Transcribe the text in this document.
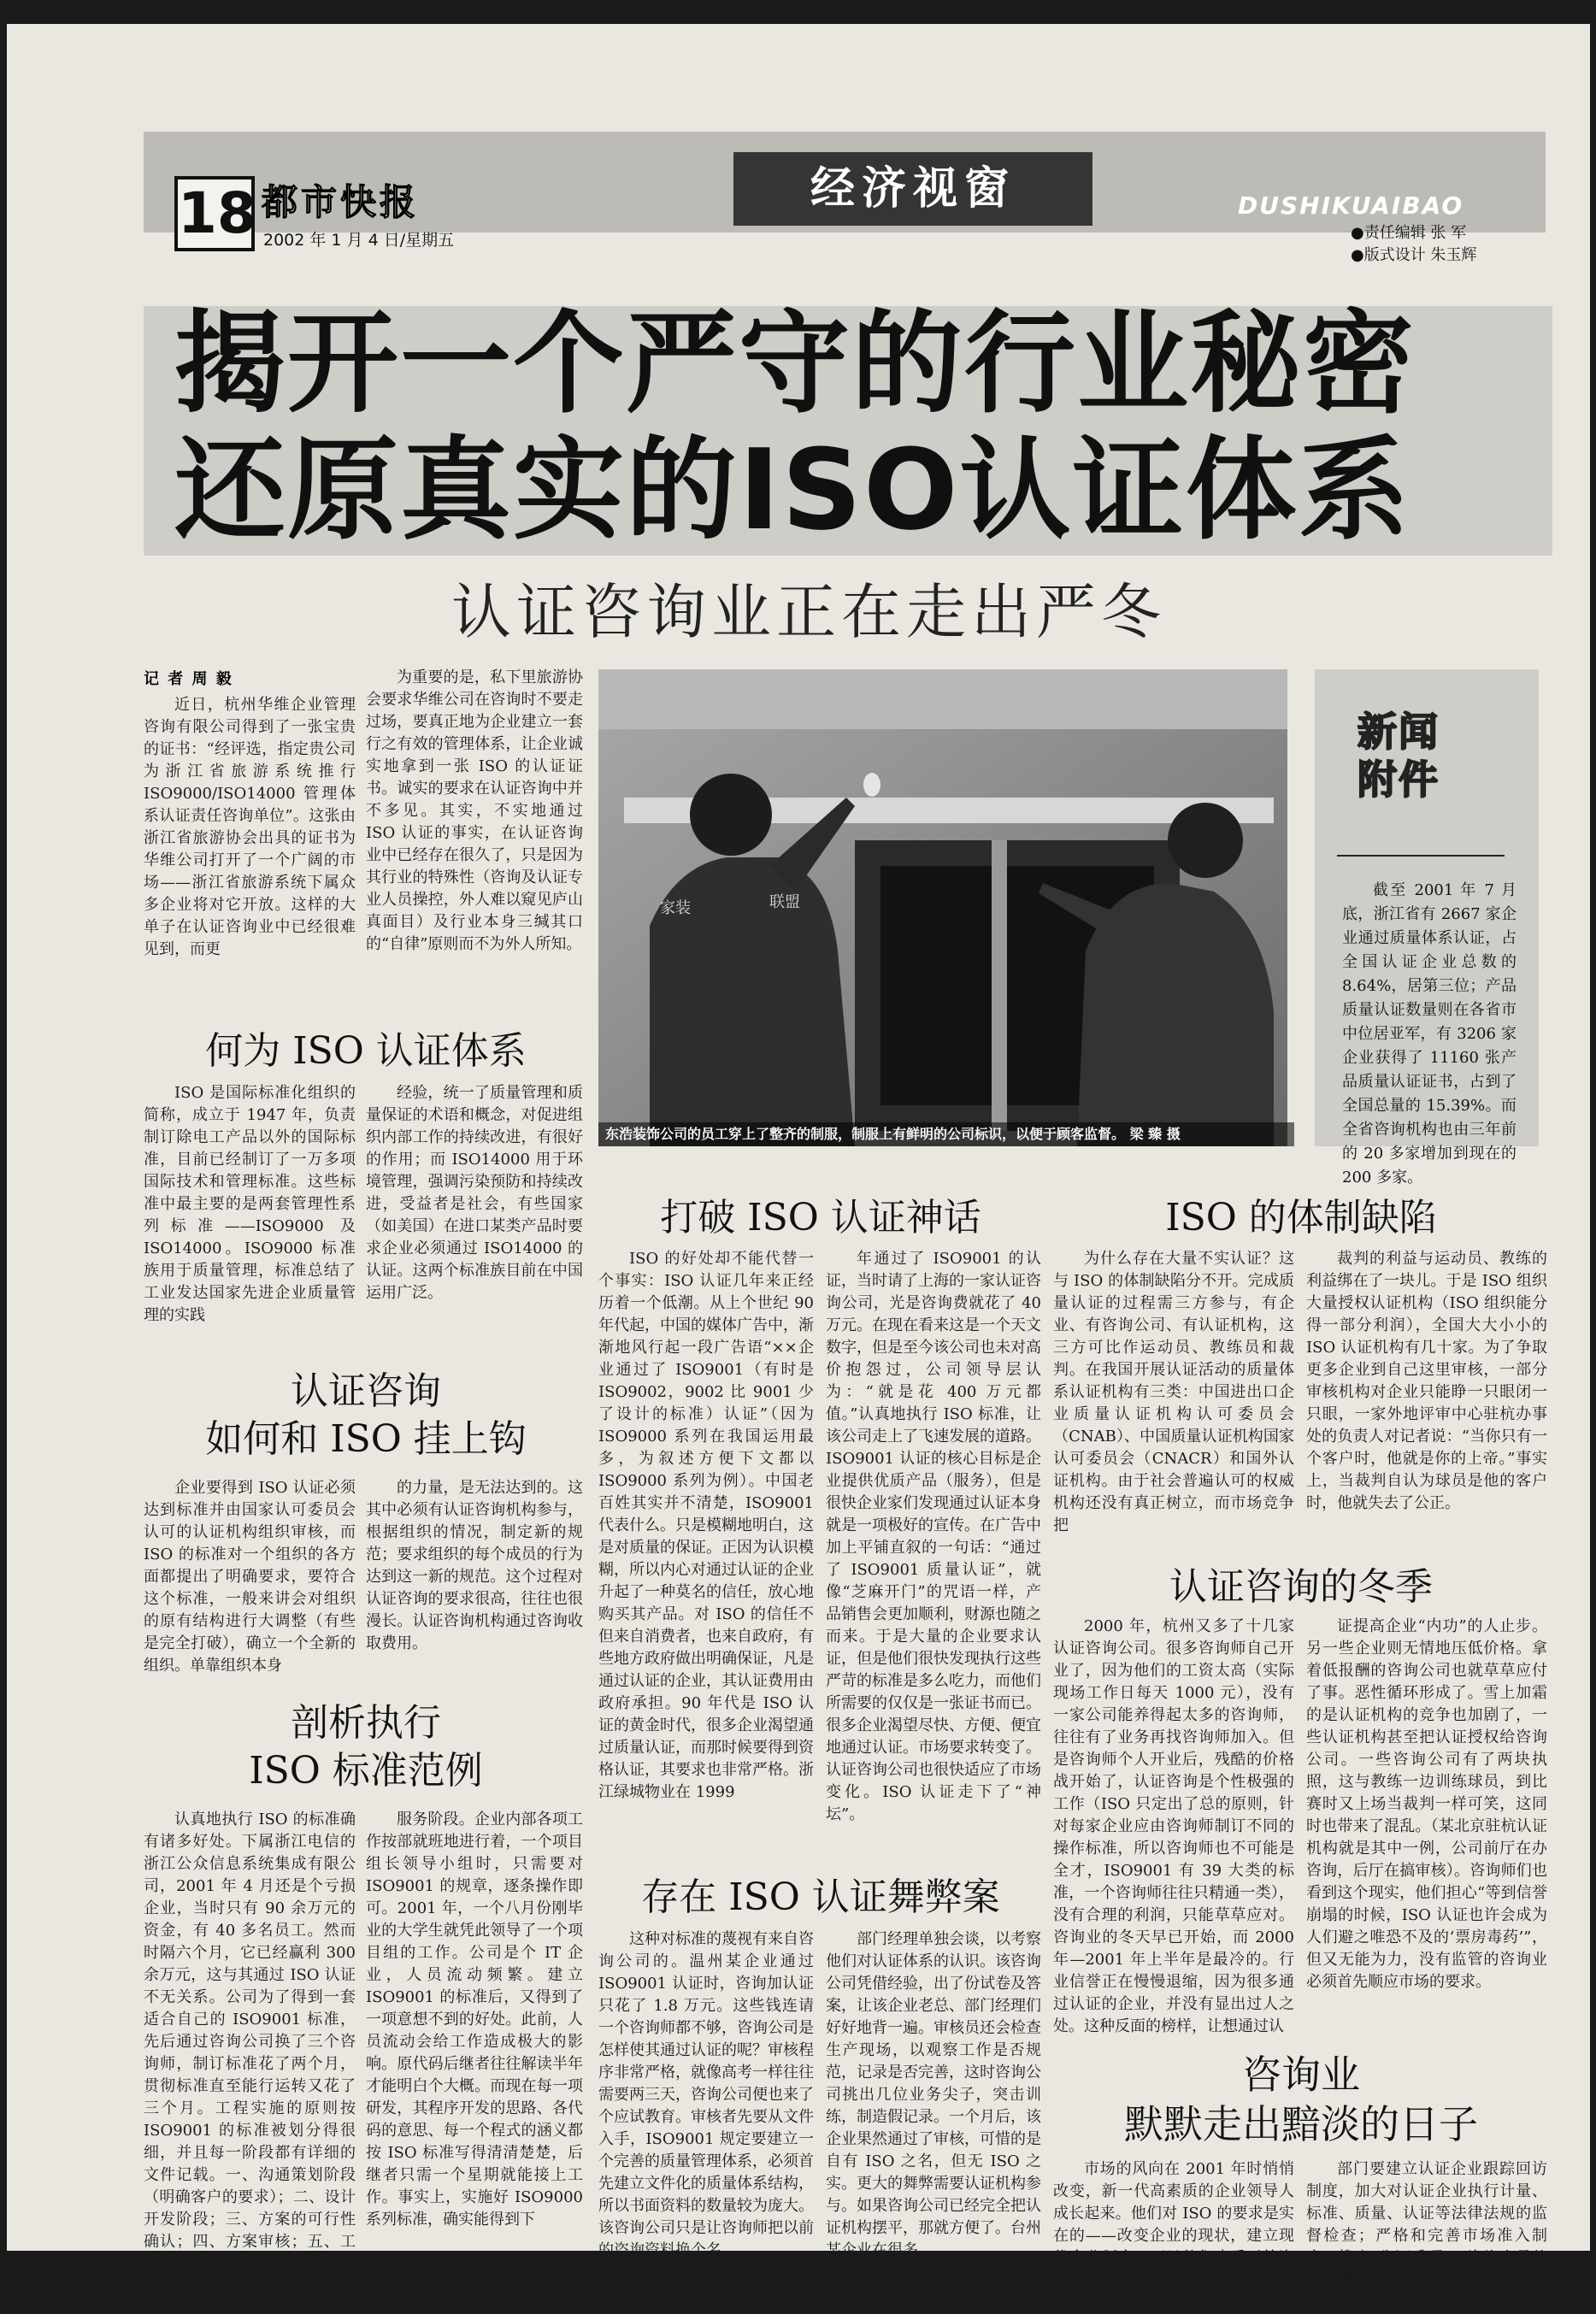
18 都市快报
2002 年 1 月 4 日/星期五
经济视窗	DUSHIKUAIBAO
●责任编辑 张 军
●版式设计 朱玉辉
揭开一个严守的行业秘密
还原真实的ISO认证体系
认证咨询业正在走出严冬
记 者 周 毅
近日，杭州华维企业管理咨询有限公司得到了一张宝贵的证书：“经评选，指定贵公司为浙江省旅游系统推行 ISO9000/ISO14000 管理体系认证责任咨询单位”。这张由浙江省旅游协会出具的证书为华维公司打开了一个广阔的市场——浙江省旅游系统下属众多企业将对它开放。这样的大单子在认证咨询业中已经很难见到，而更
为重要的是，私下里旅游协会要求华维公司在咨询时不要走过场，要真正地为企业建立一套行之有效的管理体系，让企业诚实地拿到一张 ISO 的认证证书。诚实的要求在认证咨询中并不多见。其实，不实地通过 ISO 认证的事实，在认证咨询业中已经存在很久了，只是因为其行业的特殊性（咨询及认证专业人员操控，外人难以窥见庐山真面目）及行业本身三缄其口的“自律”原则而不为外人所知。
家装	联盟
东浩装饰公司的员工穿上了整齐的制服，制服上有鲜明的公司标识，以便于顾客监督。 梁 臻 摄
新闻
附件
截至 2001 年 7 月底，浙江省有 2667 家企业通过质量体系认证，占全国认证企业总数的 8.64%，居第三位；产品质量认证数量则在各省市中位居亚军，有 3206 家企业获得了 11160 张产品质量认证证书，占到了全国总量的 15.39%。而全省咨询机构也由三年前的 20 多家增加到现在的 200 多家。
何为 ISO 认证体系
ISO 是国际标准化组织的简称，成立于 1947 年，负责制订除电工产品以外的国际标准，目前已经制订了一万多项国际技术和管理标准。这些标准中最主要的是两套管理性系列标准——ISO9000 及 ISO14000。ISO9000 标准族用于质量管理，标准总结了工业发达国家先进企业质量管理的实践
经验，统一了质量管理和质量保证的术语和概念，对促进组织内部工作的持续改进，有很好的作用；而 ISO14000 用于环境管理，强调污染预防和持续改进，受益者是社会，有些国家（如美国）在进口某类产品时要求企业必须通过 ISO14000 的认证。这两个标准族目前在中国运用广泛。
认证咨询
如何和 ISO 挂上钩
企业要得到 ISO 认证必须达到标准并由国家认可委员会认可的认证机构组织审核，而 ISO 的标准对一个组织的各方面都提出了明确要求，要符合这个标准，一般来讲会对组织的原有结构进行大调整（有些是完全打破），确立一个全新的组织。单靠组织本身
的力量，是无法达到的。这其中必须有认证咨询机构参与，根据组织的情况，制定新的规范；要求组织的每个成员的行为达到这一新的规范。这个过程对认证咨询的要求很高，往往也很漫长。认证咨询机构通过咨询收取费用。
剖析执行
ISO 标准范例
认真地执行 ISO 的标准确有诸多好处。下属浙江电信的浙江公众信息系统集成有限公司，2001 年 4 月还是个亏损企业，当时只有 90 余万元的资金，有 40 多名员工。然而时隔六个月，它已经赢利 300 余万元，这与其通过 ISO 认证不无关系。公司为了得到一套适合自己的 ISO9001 标准，先后通过咨询公司换了三个咨询师，制订标准花了两个月，贯彻标准直至能行运转又花了三个月。工程实施的原则按 ISO9001 的标准被划分得很细，并且每一阶段都有详细的文件记载。一、沟通策划阶段（明确客户的要求）；二、设计开发阶段；三、方案的可行性确认；四、方案审核；五、工前协调会；六、工程进度安
服务阶段。企业内部各项工作按部就班地进行着，一个项目组长领导小组时，只需要对 ISO9001 的规章，逐条操作即可。2001 年，一个八月份刚毕业的大学生就凭此领导了一个项目组的工作。公司是个 IT 企业，人员流动频繁。建立 ISO9001 的标准后，又得到了一项意想不到的好处。此前，人员流动会给工作造成极大的影响。原代码后继者往往解读半年才能明白个大概。而现在每一项研发，其程序开发的思路、各代码的意思、每一个程式的涵义都按 ISO 标准写得清清楚楚，后继者只需一个星期就能接上工作。事实上，实施好 ISO9000 系列标准，确实能得到下
打破 ISO 认证神话
ISO 的好处却不能代替一个事实：ISO 认证几年来正经历着一个低潮。从上个世纪 90 年代起，中国的媒体广告中，渐渐地风行起一段广告语“××企业通过了 ISO9001（有时是 ISO9002，9002 比 9001 少了设计的标准）认证”（因为 ISO9000 系列在我国运用最多，为叙述方便下文都以 ISO9000 系列为例）。中国老百姓其实并不清楚，ISO9001 代表什么。只是模糊地明白，这是对质量的保证。正因为认识模糊，所以内心对通过认证的企业升起了一种莫名的信任，放心地购买其产品。对 ISO 的信任不但来自消费者，也来自政府，有些地方政府做出明确保证，凡是通过认证的企业，其认证费用由政府承担。90 年代是 ISO 认证的黄金时代，很多企业渴望通过质量认证，而那时候要得到资格认证，其要求也非常严格。浙江绿城物业在 1999
年通过了 ISO9001 的认证，当时请了上海的一家认证咨询公司，光是咨询费就花了 40 万元。在现在看来这是一个天文数字，但是至今该公司也未对高价抱怨过，公司领导层认为：“就是花 400 万元都值。”认真地执行 ISO 标准，让该公司走上了飞速发展的道路。ISO9001 认证的核心目标是企业提供优质产品（服务），但是很快企业家们发现通过认证本身就是一项极好的宣传。在广告中加上平铺直叙的一句话：“通过了 ISO9001 质量认证”，就像“芝麻开门”的咒语一样，产品销售会更加顺利，财源也随之而来。于是大量的企业要求认证，但是他们很快发现执行这些严苛的标准是多么吃力，而他们所需要的仅仅是一张证书而已。很多企业渴望尽快、方便、便宜地通过认证。市场要求转变了。认证咨询公司也很快适应了市场变化。ISO 认证走下了“神坛”。
存在 ISO 认证舞弊案
这种对标准的蔑视有来自咨询公司的。温州某企业通过 ISO9001 认证时，咨询加认证只花了 1.8 万元。这些钱连请一个咨询师都不够，咨询公司是怎样使其通过认证的呢？审核程序非常严格，就像高考一样往往需要两三天，咨询公司便也来了个应试教育。审核者先要从文件入手，ISO9001 规定要建立一个完善的质量管理体系，必须首先建立文件化的质量体系结构，所以书面资料的数量较为庞大。该咨询公司只是让咨询师把以前的咨询资料换个名
部门经理单独会谈，以考察他们对认证体系的认识。该咨询公司凭借经验，出了份试卷及答案，让该企业老总、部门经理们好好地背一遍。审核员还会检查生产现场，以观察工作是否规范，记录是否完善，这时咨询公司挑出几位业务尖子，突击训练，制造假记录。一个月后，该企业果然通过了审核，可惜的是自有 ISO 之名，但无 ISO 之实。更大的舞弊需要认证机构参与。如果咨询公司已经完全把认证机构摆平，那就方便了。台州某企业在很多
ISO 的体制缺陷
为什么存在大量不实认证？这与 ISO 的体制缺陷分不开。完成质量认证的过程需三方参与，有企业、有咨询公司、有认证机构，这三方可比作运动员、教练员和裁判。在我国开展认证活动的质量体系认证机构有三类：中国进出口企业质量认证机构认可委员会（CNAB）、中国质量认证机构国家认可委员会（CNACR）和国外认证机构。由于社会普遍认可的权威机构还没有真正树立，而市场竞争把
裁判的利益与运动员、教练的利益绑在了一块儿。于是 ISO 组织大量授权认证机构（ISO 组织能分得一部分利润），全国大大小小的 ISO 认证机构有几十家。为了争取更多企业到自己这里审核，一部分审核机构对企业只能睁一只眼闭一只眼，一家外地评审中心驻杭办事处的负责人对记者说：“当你只有一个客户时，他就是你的上帝。”事实上，当裁判自认为球员是他的客户时，他就失去了公正。
认证咨询的冬季
2000 年，杭州又多了十几家认证咨询公司。很多咨询师自己开业了，因为他们的工资太高（实际现场工作日每天 1000 元），没有一家公司能养得起太多的咨询师，往往有了业务再找咨询师加入。但是咨询师个人开业后，残酷的价格战开始了，认证咨询是个性极强的工作（ISO 只定出了总的原则，针对每家企业应由咨询师制订不同的操作标准，所以咨询师也不可能是全才，ISO9001 有 39 大类的标准，一个咨询师往往只精通一类），没有合理的利润，只能草草应对。咨询业的冬天早已开始，而 2000 年—2001 年上半年是最冷的。行业信誉正在慢慢退缩，因为很多通过认证的企业，并没有显出过人之处。这种反面的榜样，让想通过认
证提高企业“内功”的人止步。另一些企业则无情地压低价格。拿着低报酬的咨询公司也就草草应付了事。恶性循环形成了。雪上加霜的是认证机构的竞争也加剧了，一些认证机构甚至把认证授权给咨询公司。一些咨询公司有了两块执照，这与教练一边训练球员，到比赛时又上场当裁判一样可笑，这同时也带来了混乱。（某北京驻杭认证机构就是其中一例，公司前厅在办咨询，后厅在搞审核）。咨询师们也看到这个现实，他们担心“等到信誉崩塌的时候，ISO 认证也许会成为人们避之唯恐不及的‘票房毒药’”，但又无能为力，没有监管的咨询业必须首先顺应市场的要求。
咨询业
默默走出黯淡的日子
市场的风向在 2001 年时悄悄改变，新一代高素质的企业领导人成长起来。他们对 ISO 的要求是实在的——改变企业的现状，建立现代企业制度。而且他们也乐于给咨询公司合理的利润。一些口碑好的咨
部门要建立认证企业跟踪回访制度，加大对认证企业执行计量、标准、质量、认证等法律法规的监督检查；严格和完善市场准入制度，推广“先证后照”，咨询人员从业资格等措施，建立市场约束机制。
